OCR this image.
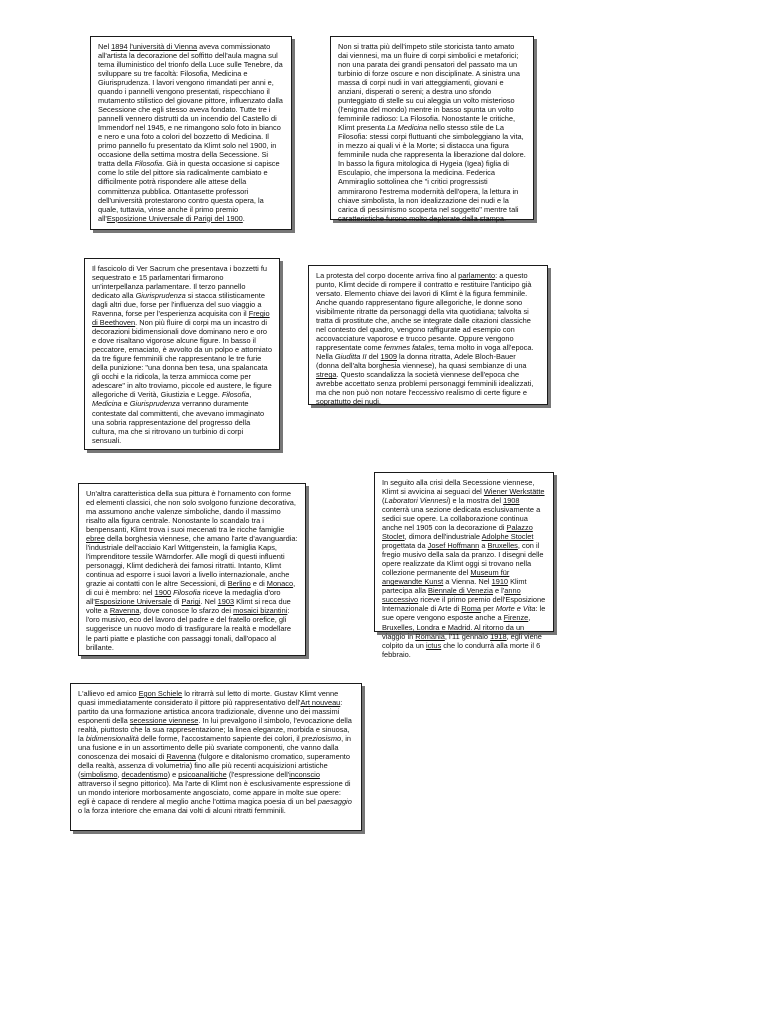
Nel 1894 l'università di Vienna aveva commissionato all'artista la decorazione del soffitto dell'aula magna sul tema illuministico del trionfo della Luce sulle Tenebre, da sviluppare su tre facoltà: Filosofia, Medicina e Giurisprudenza. I lavori vengono rimandati per anni e, quando i pannelli vengono presentati, rispecchiano il mutamento stilistico del giovane pittore, influenzato dalla Secessione che egli stesso aveva fondato. Tutte tre i pannelli vennero distrutti da un incendio del Castello di Immendorf nel 1945, e ne rimangono solo foto in bianco e nero e una foto a colori del bozzetto di Medicina. Il primo pannello fu presentato da Klimt solo nel 1900, in occasione della settima mostra della Secessione. Si tratta della Filosofia. Già in questa occasione si capisce come lo stile del pittore sia radicalmente cambiato e difficilmente potrà rispondere alle attese della committenza pubblica. Ottantasette professori dell'università protestarono contro questa opera, la quale, tuttavia, vinse anche il primo premio all'Esposizione Universale di Parigi del 1900.

Non si tratta più dell'impeto stile storicista tanto amato dai viennesi, ma un fluire di corpi simbolici e metaforici; non una parata dei grandi pensatori del passato ma un turbinio di forze oscure e non disciplinate. A sinistra una massa di corpi nudi in vari atteggiamenti, giovani e anziani, disperati o sereni; a destra uno sfondo punteggiato di stelle su cui aleggia un volto misterioso (l'enigma del mondo) mentre in basso spunta un volto femminile radioso: La Filosofia. Nonostante le critiche, Klimt presenta La Medicina nello stesso stile de La Filosofia: stessi corpi fluttuanti che simboleggiano la vita, in mezzo ai quali vi è la Morte; si distacca una figura femminile nuda che rappresenta la liberazione dal dolore. In basso la figura mitologica di Hygeia (Igea) figlia di Esculapio, che impersona la medicina. Federica Ammiraglio sottolinea che "i critici progressisti ammirarono l'estrema modernità dell'opera, la lettura in chiave simbolista, la non idealizzazione dei nudi e la carica di pessimismo scoperta nel soggetto" mentre tali caratteristiche furono molto deplorate dalla stampa.

Il fascicolo di Ver Sacrum che presentava i bozzetti fu sequestrato e 15 parlamentari firmarono un'interpellanza parlamentare. Il terzo pannello dedicato alla Giurisprudenza si stacca stilisticamente dagli altri due, forse per l'influenza del suo viaggio a Ravenna, forse per l'esperienza acquisita con il Fregio di Beethoven. Non più fluire di corpi ma un incastro di decorazioni bidimensionali dove dominano nero e oro e dove risaltano vigorose alcune figure. In basso il peccatore, emaciato, è avvolto da un polpo e attorniato da tre figure femminili che rappresentano le tre furie della punizione: "una donna ben tesa, una spalancata gli occhi e la ridicola, la terza ammicca come per adescare" in alto troviamo, piccole ed austere, le figure allegoriche di Verità, Giustizia e Legge. Filosofia, Medicina e Giurisprudenza verranno duramente contestate dal committenti, che avevano immaginato una sobria rappresentazione del progresso della cultura, ma che si ritrovano un turbinio di corpi sensuali.

La protesta del corpo docente arriva fino al parlamento: a questo punto, Klimt decide di rompere il contratto e restituire l'anticipo già versato. Elemento chiave dei lavori di Klimt è la figura femminile. Anche quando rappresentano figure allegoriche, le donne sono visibilmente ritratte da personaggi della vita quotidiana; talvolta si tratta di prostitute che, anche se integrate dalle citazioni classiche nel contesto del quadro, vengono raffigurate ad esempio con accovacciature vaporose e trucco pesante. Oppure vengono rappresentate come femmes fatales, tema molto in voga all'epoca. Nella Giuditta II del 1909 la donna ritratta, Adele Bloch-Bauer (donna dell'alta borghesia viennese), ha quasi sembianze di una strega. Questo scandalizza la società viennese dell'epoca che avrebbe accettato senza problemi personaggi femminili idealizzati, ma che non può non notare l'eccessivo realismo di certe figure e soprattutto dei nudi.

Un'altra caratteristica della sua pittura è l'ornamento con forme ed elementi classici, che non solo svolgono funzione decorativa, ma assumono anche valenze simboliche, dando il massimo risalto alla figura centrale. Nonostante lo scandalo tra i benpensanti, Klimt trova i suoi mecenati tra le ricche famiglie ebree della borghesia viennese, che amano l'arte d'avanguardia: l'industriale dell'acciaio Karl Wittgenstein, la famiglia Kaps, l'imprenditore tessile Wärndorfer. Alle mogli di questi influenti personaggi, Klimt dedicherà dei famosi ritratti. Intanto, Klimt continua ad esporre i suoi lavori a livello internazionale, anche grazie ai contatti con le altre Secessioni, di Berlino e di Monaco, di cui è membro: nel 1900 Filosofia riceve la medaglia d'oro all'Esposizione Universale di Parigi. Nel 1903 Klimt si reca due volte a Ravenna, dove conosce lo sfarzo dei mosaici bizantini: l'oro musivo, eco del lavoro del padre e del fratello orefice, gli suggerisce un nuovo modo di trasfigurare la realtà e modellare le parti piatte e plastiche con passaggi tonali, dall'opaco al brillante.

In seguito alla crisi della Secessione viennese, Klimt si avvicina ai seguaci del Wiener Werkstätte (Laboratori Viennesi) e la mostra del 1908 conterrà una sezione dedicata esclusivamente a sedici sue opere. La collaborazione continua anche nel 1905 con la decorazione di Palazzo Stoclet, dimora dell'industriale Adolphe Stoclet progettata da Josef Hoffmann a Bruxelles, con il fregio musivo della sala da pranzo. I disegni delle opere realizzate da Klimt oggi si trovano nella collezione permanente del Museum für angewandte Kunst a Vienna. Nel 1910 Klimt partecipa alla Biennale di Venezia e l'anno successivo riceve il primo premio dell'Esposizione Internazionale di Arte di Roma per Morte e Vita: le sue opere vengono esposte anche a Firenze, Bruxelles, Londra e Madrid. Al ritorno da un viaggio in Romania, l'11 gennaio 1918, egli viene colpito da un ictus che lo condurrà alla morte il 6 febbraio.

L'allievo ed amico Egon Schiele lo ritrarrà sul letto di morte. Gustav Klimt venne quasi immediatamente considerato il pittore più rappresentativo dell'Art nouveau: partito da una formazione artistica ancora tradizionale, divenne uno dei massimi esponenti della secessione viennese. In lui prevalgono il simbolo, l'evocazione della realtà, piuttosto che la sua rappresentazione; la linea eleganze, morbida e sinuosa, la bidimensionalità delle forme, l'accostamento sapiente dei colori, il preziosismo, in una fusione e in un assortimento delle più svariate componenti, che vanno dalla conoscenza dei mosaici di Ravenna (fulgore e ditalonismo cromatico, superamento della realtà, assenza di volumetria) fino alle più recenti acquisizioni artistiche (simbolismo, decadentismo) e psicoanalitiche (l'espressione dell'inconscio attraverso il segno pittorico). Ma l'arte di Klimt non è esclusivamente espressione di un mondo interiore morbosamente angosciato, come appare in molte sue opere: egli è capace di rendere al meglio anche l'ottima magica poesia di un bel paesaggio o la forza interiore che emana dai volti di alcuni ritratti femminili.
